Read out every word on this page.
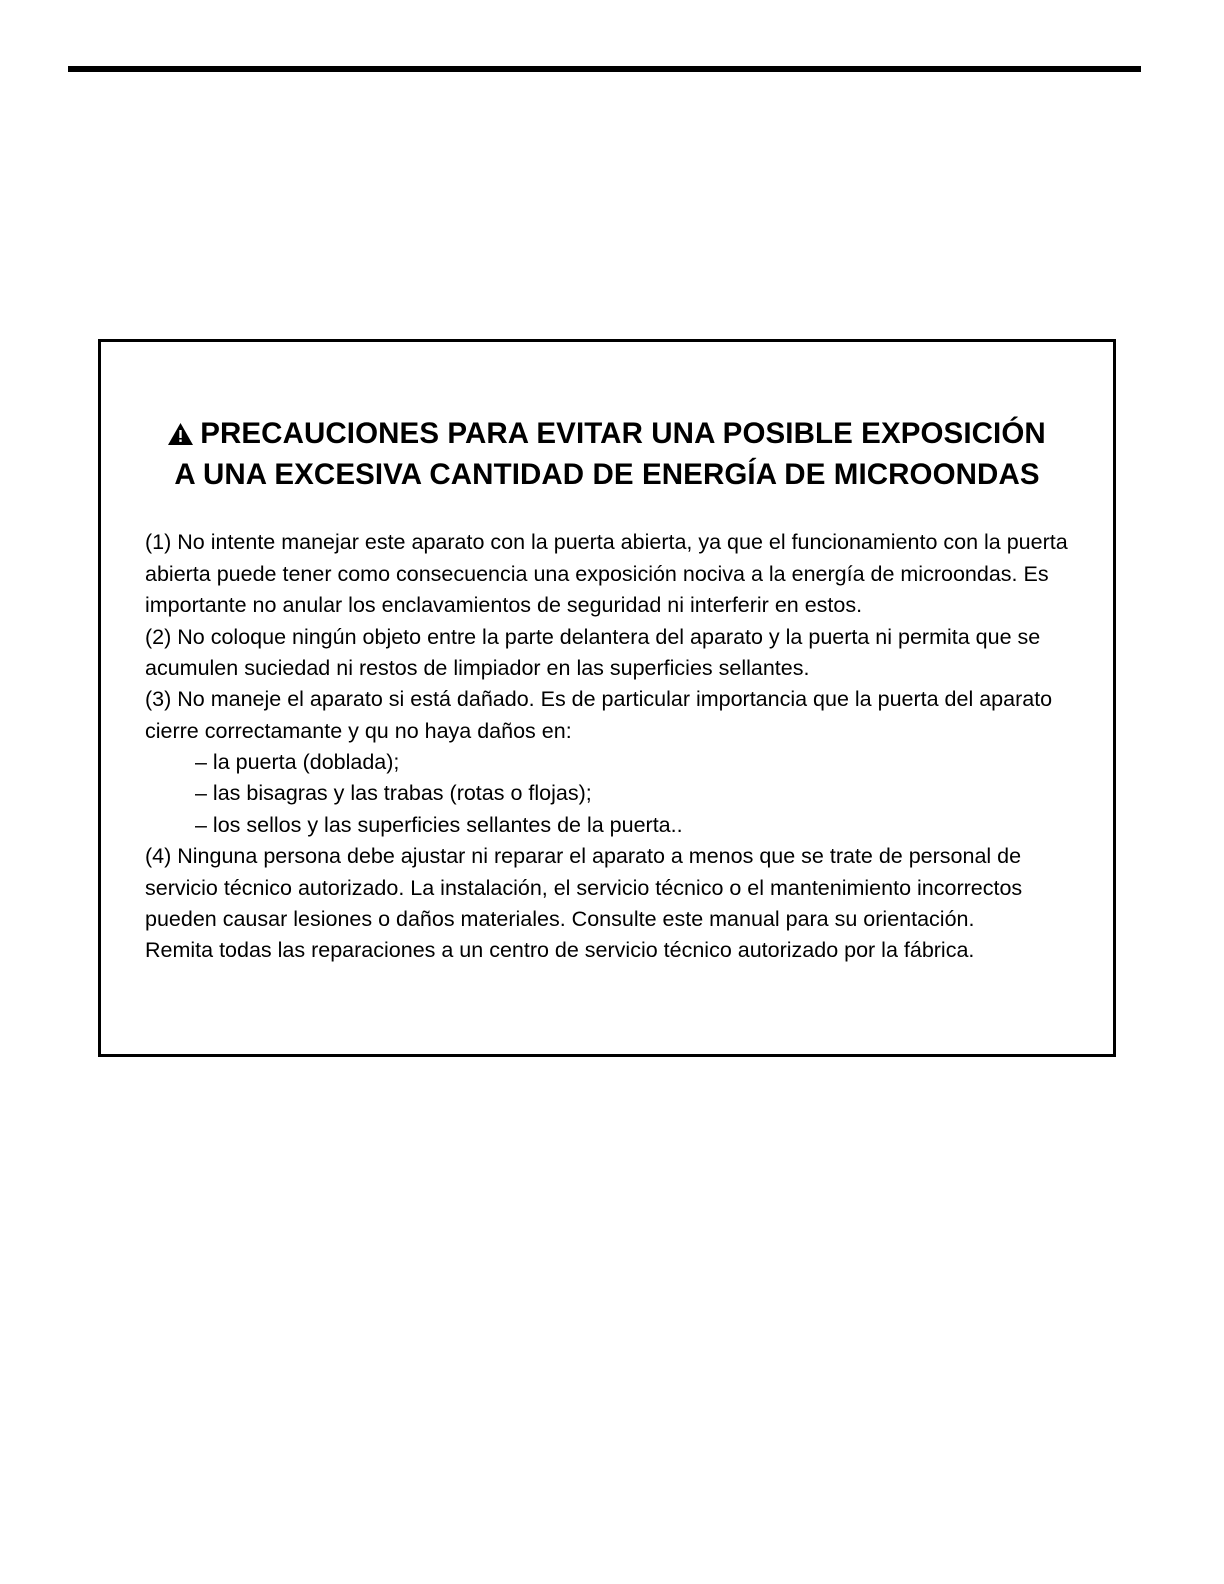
PRECAUCIONES PARA EVITAR UNA POSIBLE EXPOSICIÓN
A UNA EXCESIVA CANTIDAD DE ENERGÍA DE MICROONDAS

(1) No intente manejar este aparato con la puerta abierta, ya que el funcionamiento con la puerta abierta puede tener como consecuencia una exposición nociva a la energía de microondas. Es importante no anular los enclavamientos de seguridad ni interferir en estos.

(2) No coloque ningún objeto entre la parte delantera del aparato y la puerta ni permita que se acumulen suciedad ni restos de limpiador en las superficies sellantes.

(3) No maneje el aparato si está dañado. Es de particular importancia que la puerta del aparato cierre correctamante y qu no haya daños en:

– la puerta (doblada);

– las bisagras y las trabas (rotas o flojas);

– los sellos y las superficies sellantes de la puerta..

(4) Ninguna persona debe ajustar ni reparar el aparato a menos que se trate de personal de servicio técnico autorizado. La instalación, el servicio técnico o el mantenimiento incorrectos pueden causar lesiones o daños materiales. Consulte este manual para su orientación.

Remita todas las reparaciones a un centro de servicio técnico autorizado por la fábrica.
